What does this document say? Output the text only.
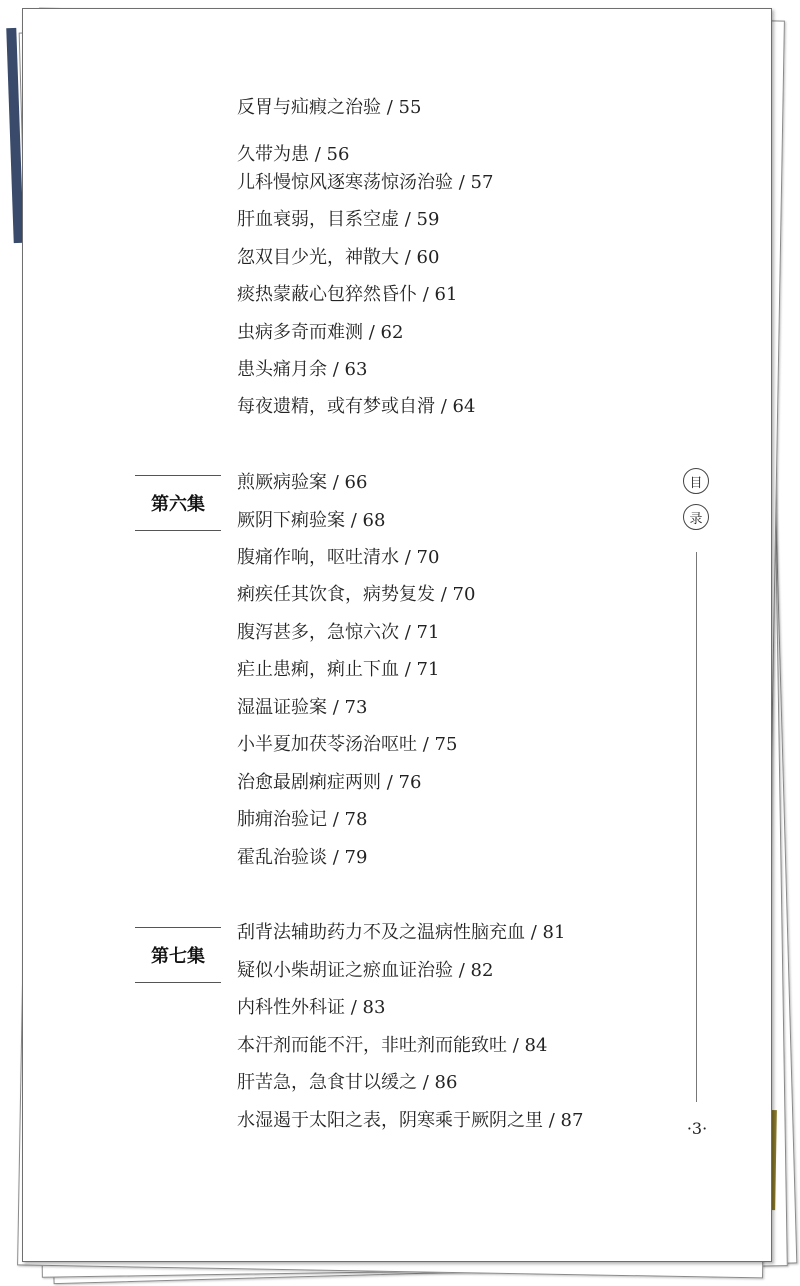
反胃与疝瘕之治验 / 55
久带为患 / 56
儿科慢惊风逐寒荡惊汤治验 / 57
肝血衰弱，目系空虚 / 59
忽双目少光，神散大 / 60
痰热蒙蔽心包猝然昏仆 / 61
虫病多奇而难测 / 62
患头痛月余 / 63
每夜遗精，或有梦或自滑 / 64
第六集
煎厥病验案 / 66
厥阴下痢验案 / 68
腹痛作响，呕吐清水 / 70
痢疾任其饮食，病势复发 / 70
腹泻甚多，急惊六次 / 71
疟止患痢，痢止下血 / 71
湿温证验案 / 73
小半夏加茯苓汤治呕吐 / 75
治愈最剧痢症两则 / 76
肺痈治验记 / 78
霍乱治验谈 / 79
第七集
刮背法辅助药力不及之温病性脑充血 / 81
疑似小柴胡证之瘀血证治验 / 82
内科性外科证 / 83
本汗剂而能不汗，非吐剂而能致吐 / 84
肝苦急，急食甘以缓之 / 86
水湿遏于太阳之表，阴寒乘于厥阴之里 / 87
目
录
·3·
